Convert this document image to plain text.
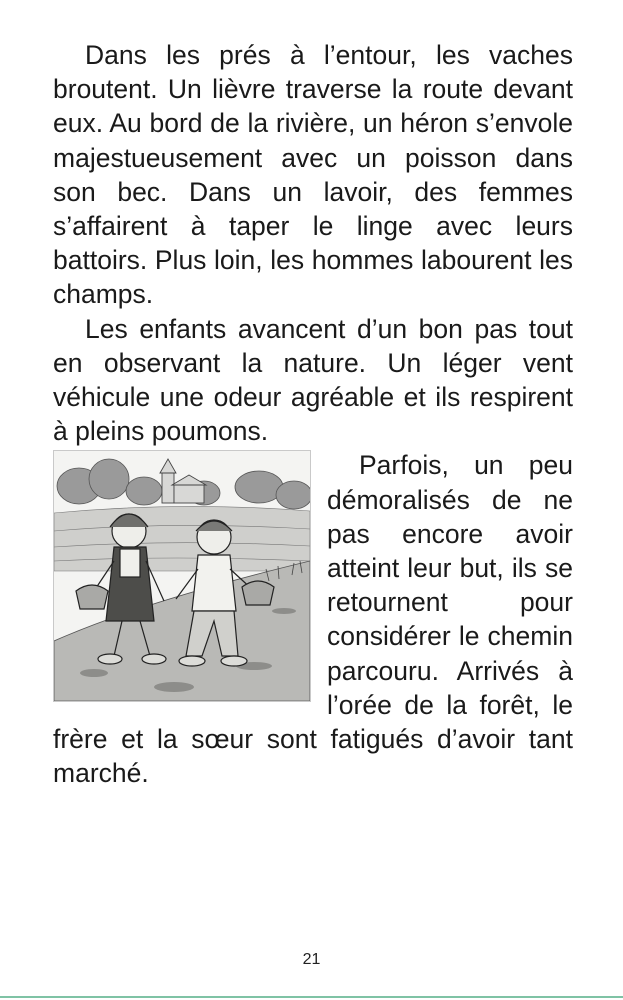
Dans les prés à l’entour, les vaches broutent. Un lièvre traverse la route devant eux. Au bord de la rivière, un héron s’envole majestueusement avec un poisson dans son bec. Dans un lavoir, des femmes s’affairent à taper le linge avec leurs battoirs. Plus loin, les hommes labourent les champs.

Les enfants avancent d’un bon pas tout en observant la nature. Un léger vent véhicule une odeur agréable et ils respirent à pleins poumons.

Parfois, un peu démoralisés de ne pas encore avoir atteint leur but, ils se retournent pour considérer le chemin parcouru. Arrivés à l’orée de la forêt, le frère et la sœur sont fatigués d’avoir tant marché.

21
